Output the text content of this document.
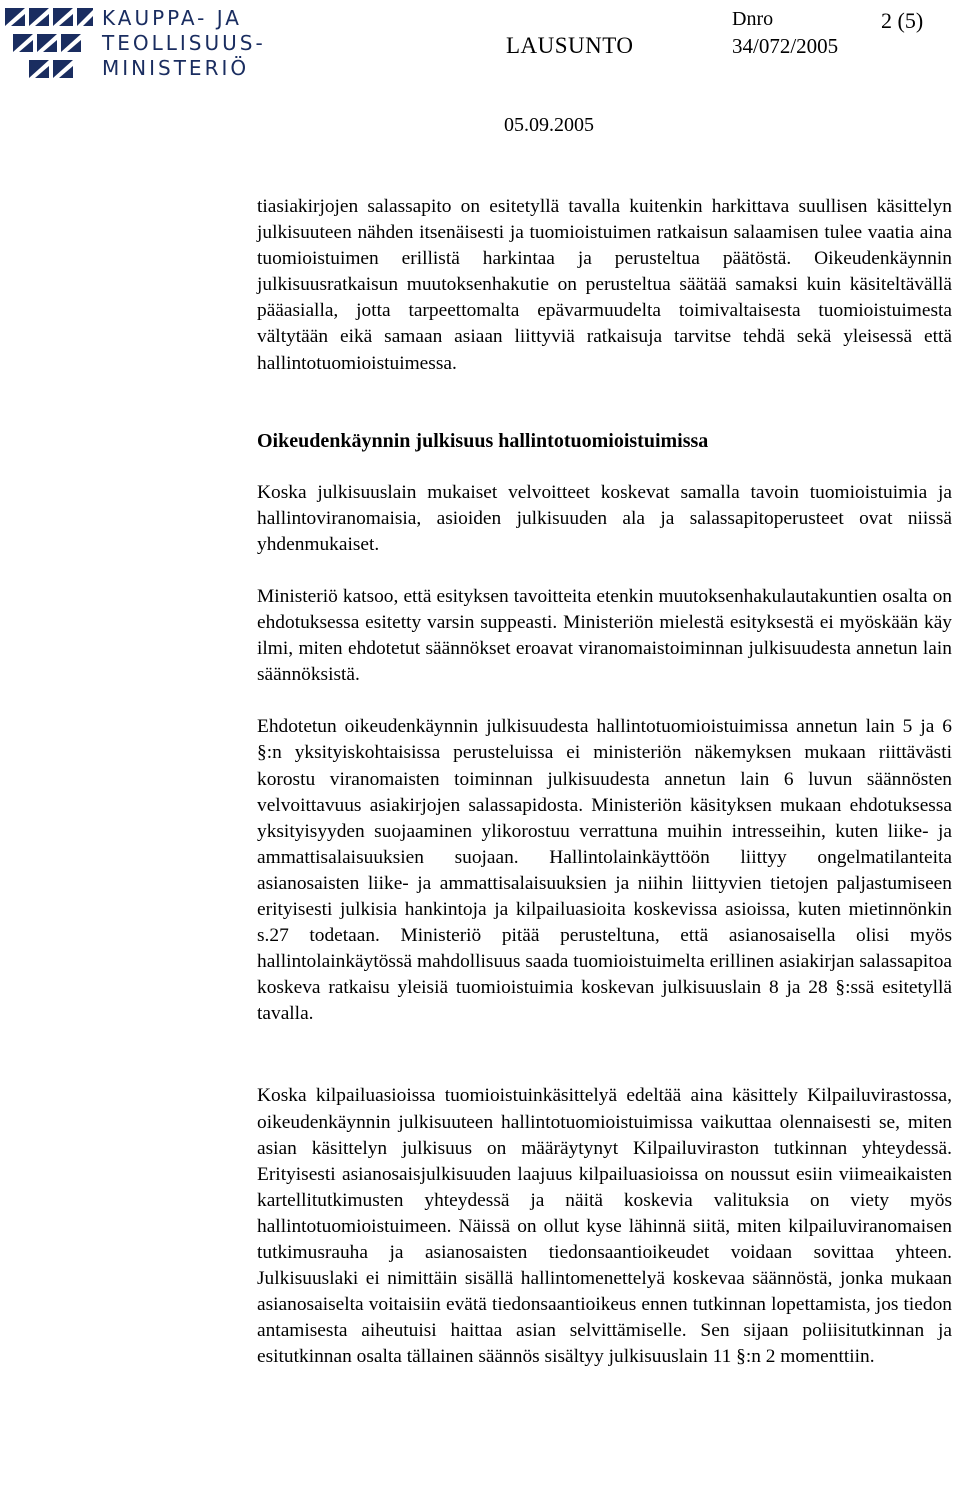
KAUPPA- JA
TEOLLISUUS-
MINISTERIÖ
Dnro	2 (5)
LAUSUNTO	34/072/2005
05.09.2005

tiasiakirjojen salassapito on esitetyllä tavalla kuitenkin harkittava suullisen käsittelyn julkisuuteen nähden itsenäisesti ja tuomioistuimen ratkaisun salaamisen tulee vaatia aina tuomioistuimen erillistä harkintaa ja perusteltua päätöstä. Oikeudenkäynnin julkisuusratkaisun muutoksenhakutie on perusteltua säätää samaksi kuin käsiteltävällä pääasialla, jotta tarpeettomalta epävarmuudelta toimivaltaisesta tuomioistuimesta vältytään eikä samaan asiaan liittyviä ratkaisuja tarvitse tehdä sekä yleisessä että hallintotuomioistuimessa.

Oikeudenkäynnin julkisuus hallintotuomioistuimissa

Koska julkisuuslain mukaiset velvoitteet koskevat samalla tavoin tuomioistuimia ja hallintoviranomaisia, asioiden julkisuuden ala ja salassapitoperusteet ovat niissä yhdenmukaiset.

Ministeriö katsoo, että esityksen tavoitteita etenkin muutoksenhakulautakuntien osalta on ehdotuksessa esitetty varsin suppeasti. Ministeriön mielestä esityksestä ei myöskään käy ilmi, miten ehdotetut säännökset eroavat viranomaistoiminnan julkisuudesta annetun lain säännöksistä.

Ehdotetun oikeudenkäynnin julkisuudesta hallintotuomioistuimissa annetun lain 5 ja 6 §:n yksityiskohtaisissa perusteluissa ei ministeriön näkemyksen mukaan riittävästi korostu viranomaisten toiminnan julkisuudesta annetun lain 6 luvun säännösten velvoittavuus asiakirjojen salassapidosta. Ministeriön käsityksen mukaan ehdotuksessa yksityisyyden suojaaminen ylikorostuu verrattuna muihin intresseihin, kuten liike- ja ammattisalaisuuksien suojaan. Hallintolainkäyttöön liittyy ongelmatilanteita asianosaisten liike- ja ammattisalaisuuksien ja niihin liittyvien tietojen paljastumiseen erityisesti julkisia hankintoja ja kilpailuasioita koskevissa asioissa, kuten mietinnönkin s.27 todetaan. Ministeriö pitää perusteltuna, että asianosaisella olisi myös hallintolainkäytössä mahdollisuus saada tuomioistuimelta erillinen asiakirjan salassapitoa koskeva ratkaisu yleisiä tuomioistuimia koskevan julkisuuslain 8 ja 28 §:ssä esitetyllä tavalla.

Koska kilpailuasioissa tuomioistuinkäsittelyä edeltää aina käsittely Kilpailuvirastossa, oikeudenkäynnin julkisuuteen hallintotuomioistuimissa vaikuttaa olennaisesti se, miten asian käsittelyn julkisuus on määräytynyt Kilpailuviraston tutkinnan yhteydessä. Erityisesti asianosaisjulkisuuden laajuus kilpailuasioissa on noussut esiin viimeaikaisten kartellitutkimusten yhteydessä ja näitä koskevia valituksia on viety myös hallintotuomioistuimeen. Näissä on ollut kyse lähinnä siitä, miten kilpailuviranomaisen tutkimusrauha ja asianosaisten tiedonsaantioikeudet voidaan sovittaa yhteen. Julkisuuslaki ei nimittäin sisällä hallintomenettelyä koskevaa säännöstä, jonka mukaan asianosaiselta voitaisiin evätä tiedonsaantioikeus ennen tutkinnan lopettamista, jos tiedon antamisesta aiheutuisi haittaa asian selvittämiselle. Sen sijaan poliisitutkinnan ja esitutkinnan osalta tällainen säännös sisältyy julkisuuslain 11 §:n 2 momenttiin.
